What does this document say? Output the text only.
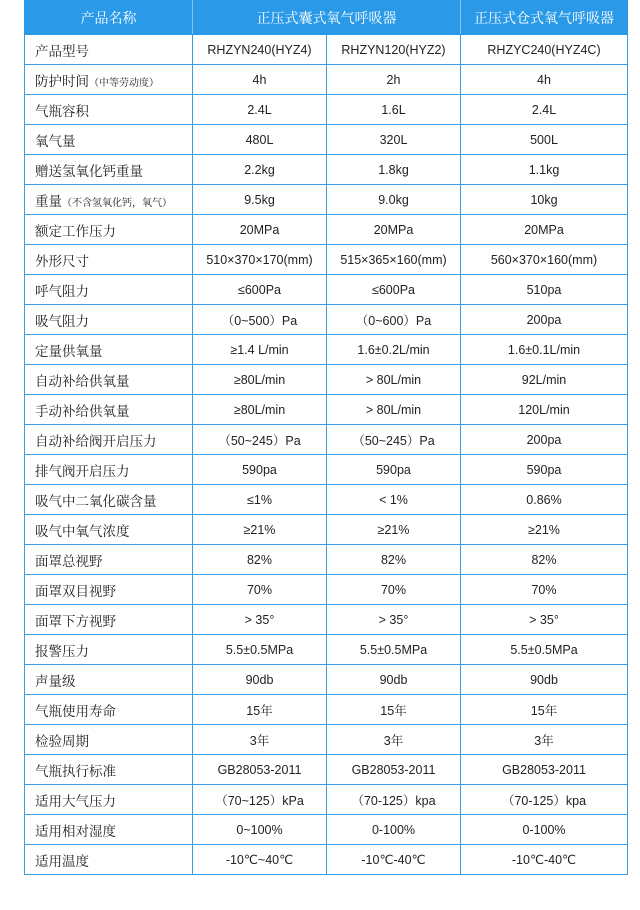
产品名称	正压式囊式氧气呼吸器		正压式仓式氧气呼吸器
产品型号	RHZYN240(HYZ4)	RHZYN120(HYZ2)	RHZYC240(HYZ4C)
防护时间（中等劳动度）	4h	2h	4h
气瓶容积	2.4L	1.6L	2.4L
氧气量	480L	320L	500L
赠送氢氧化钙重量	2.2kg	1.8kg	1.1kg
重量（不含氢氧化钙，氧气）	9.5kg	9.0kg	10kg
额定工作压力	20MPa	20MPa	20MPa
外形尺寸	510×370×170(mm)	515×365×160(mm)	560×370×160(mm)
呼气阻力	≤600Pa	≤600Pa	510pa
吸气阻力	（0~500）Pa	（0~600）Pa	200pa
定量供氧量	≥1.4 L/min	1.6±0.2L/min	1.6±0.1L/min
自动补给供氧量	≥80L/min	> 80L/min	92L/min
手动补给供氧量	≥80L/min	> 80L/min	120L/min
自动补给阀开启压力	（50~245）Pa	（50~245）Pa	200pa
排气阀开启压力	590pa	590pa	590pa
吸气中二氧化碳含量	≤1%	< 1%	0.86%
吸气中氧气浓度	≥21%	≥21%	≥21%
面罩总视野	82%	82%	82%
面罩双目视野	70%	70%	70%
面罩下方视野	> 35°	> 35°	> 35°
报警压力	5.5±0.5MPa	5.5±0.5MPa	5.5±0.5MPa
声量级	90db	90db	90db
气瓶使用寿命	15年	15年	15年
检验周期	3年	3年	3年
气瓶执行标准	GB28053-2011	GB28053-2011	GB28053-2011
适用大气压力	（70~125）kPa	（70-125）kpa	（70-125）kpa
适用相对湿度	0~100%	0-100%	0-100%
适用温度	-10℃~40℃	-10℃-40℃	-10℃-40℃
